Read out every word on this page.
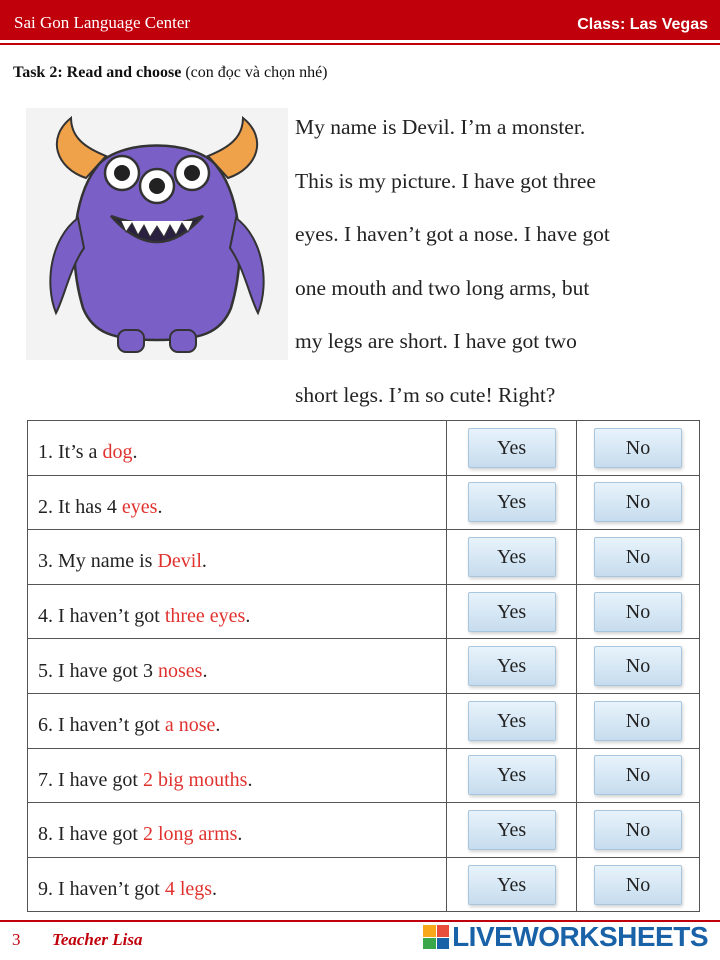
Sai Gon Language Center	Class: Las Vegas
Task 2: Read and choose (con đọc và chọn nhé)
My name is Devil. I’m a monster.
This is my picture. I have got three
eyes. I haven’t got a nose. I have got
one mouth and two long arms, but
my legs are short. I have got two
short legs. I’m so cute! Right?
1. It’s a dog.	Yes	No
2. It has 4 eyes.	Yes	No
3. My name is Devil.	Yes	No
4. I haven’t got three eyes.	Yes	No
5. I have got 3 noses.	Yes	No
6. I haven’t got a nose.	Yes	No
7. I have got 2 big mouths.	Yes	No
8. I have got 2 long arms.	Yes	No
9. I haven’t got 4 legs.	Yes	No
3 Teacher Lisa	LIVEWORKSHEETS
